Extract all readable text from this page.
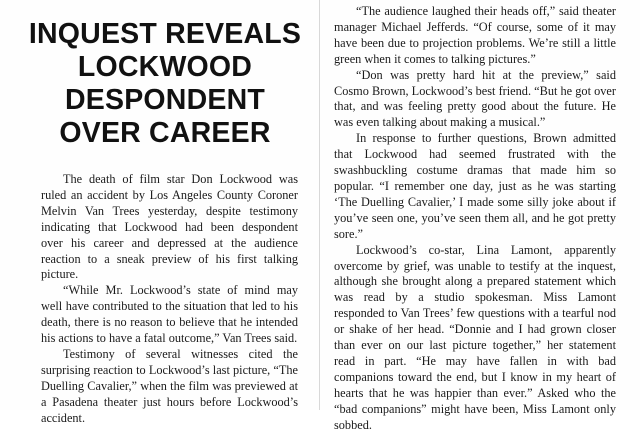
INQUEST REVEALS
LOCKWOOD
DESPONDENT
OVER CAREER

The death of film star Don Lockwood was ruled an accident by Los Angeles County Coroner Melvin Van Trees yesterday, despite testimony indicating that Lockwood had been despondent over his career and depressed at the audience reaction to a sneak preview of his first talking picture.

“While Mr. Lockwood’s state of mind may well have contributed to the situation that led to his death, there is no reason to believe that he intended his actions to have a fatal outcome,” Van Trees said.

Testimony of several witnesses cited the surprising reaction to Lockwood’s last picture, “The Duelling Cavalier,” when the film was previewed at a Pasadena theater just hours before Lockwood’s accident.

“The audience laughed their heads off,” said theater manager Michael Jefferds. “Of course, some of it may have been due to projection problems. We’re still a little green when it comes to talking pictures.”

“Don was pretty hard hit at the preview,” said Cosmo Brown, Lockwood’s best friend. “But he got over that, and was feeling pretty good about the future. He was even talking about making a musical.”

In response to further questions, Brown admitted that Lockwood had seemed frustrated with the swashbuckling costume dramas that made him so popular. “I remember one day, just as he was starting ‘The Duelling Cavalier,’ I made some silly joke about if you’ve seen one, you’ve seen them all, and he got pretty sore.”

Lockwood’s co-star, Lina Lamont, apparently overcome by grief, was unable to testify at the inquest, although she brought along a prepared statement which was read by a studio spokesman. Miss Lamont responded to Van Trees’ few questions with a tearful nod or shake of her head. “Donnie and I had grown closer than ever on our last picture together,” her statement read in part. “He may have fallen in with bad companions toward the end, but I know in my heart of hearts that he was happier than ever.” Asked who the “bad companions” might have been, Miss Lamont only sobbed.
